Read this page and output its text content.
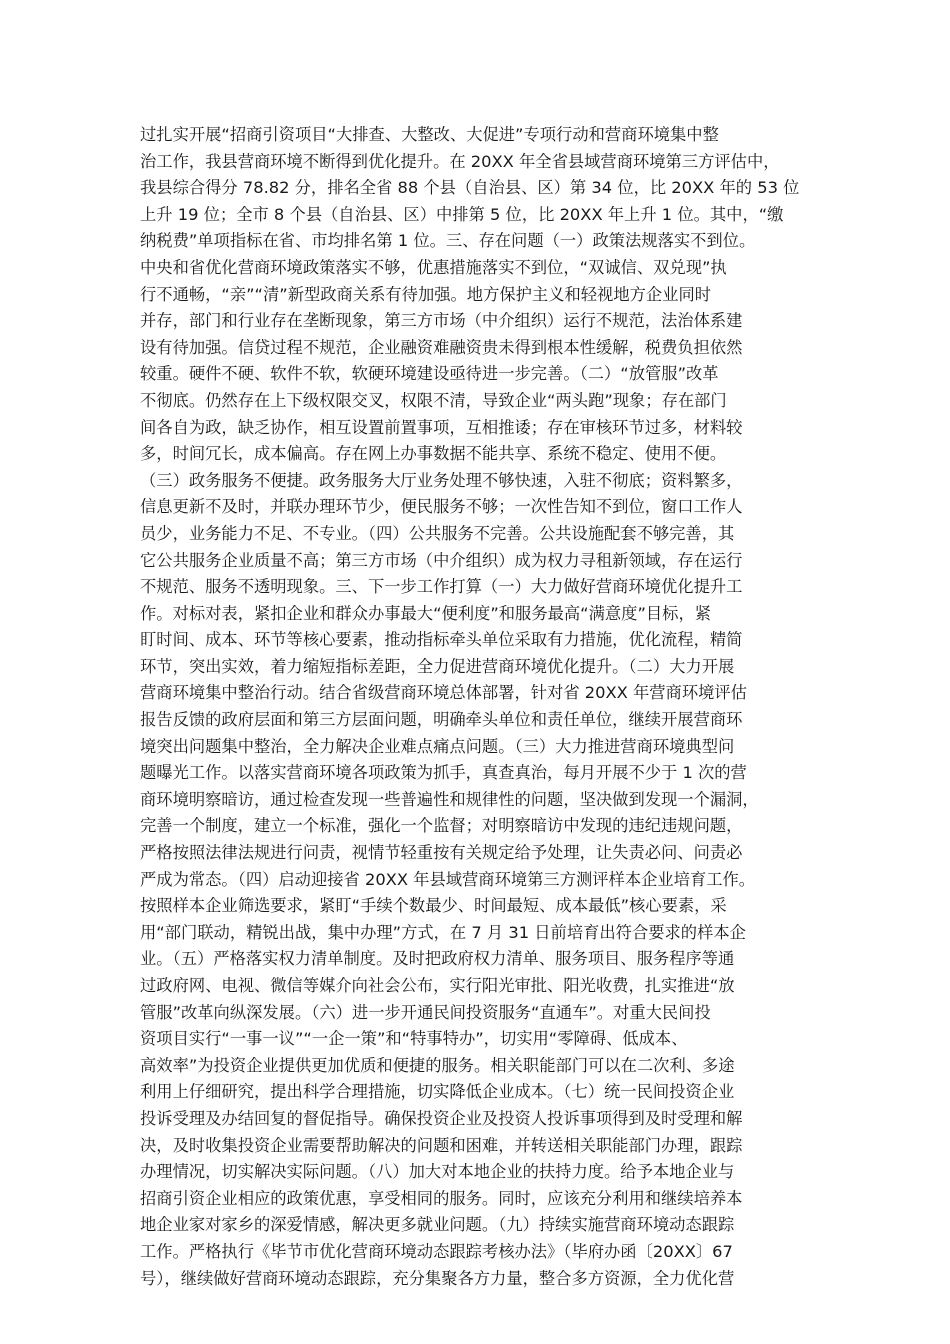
过扎实开展“招商引资项目“大排查、大整改、大促进”专项行动和营商环境集中整
治工作，我县营商环境不断得到优化提升。在 20XX 年全省县域营商环境第三方评估中，
我县综合得分 78.82 分，排名全省 88 个县（自治县、区）第 34 位，比 20XX 年的 53 位
上升 19 位；全市 8 个县（自治县、区）中排第 5 位，比 20XX 年上升 1 位。其中，“缴
纳税费”单项指标在省、市均排名第 1 位。三、存在问题（一）政策法规落实不到位。
中央和省优化营商环境政策落实不够，优惠措施落实不到位，“双诚信、双兑现”执
行不通畅，“亲”“清”新型政商关系有待加强。地方保护主义和轻视地方企业同时
并存，部门和行业存在垄断现象，第三方市场（中介组织）运行不规范，法治体系建
设有待加强。信贷过程不规范，企业融资难融资贵未得到根本性缓解，税费负担依然
较重。硬件不硬、软件不软，软硬环境建设亟待进一步完善。（二）“放管服”改革
不彻底。仍然存在上下级权限交叉，权限不清，导致企业“两头跑”现象；存在部门
间各自为政，缺乏协作，相互设置前置事项，互相推诿；存在审核环节过多，材料较
多，时间冗长，成本偏高。存在网上办事数据不能共享、系统不稳定、使用不便。
（三）政务服务不便捷。政务服务大厅业务处理不够快速，入驻不彻底；资料繁多，
信息更新不及时，并联办理环节少，便民服务不够；一次性告知不到位，窗口工作人
员少，业务能力不足、不专业。（四）公共服务不完善。公共设施配套不够完善，其
它公共服务企业质量不高；第三方市场（中介组织）成为权力寻租新领域，存在运行
不规范、服务不透明现象。三、下一步工作打算（一）大力做好营商环境优化提升工
作。对标对表，紧扣企业和群众办事最大“便利度”和服务最高“满意度”目标，紧
盯时间、成本、环节等核心要素，推动指标牵头单位采取有力措施，优化流程，精简
环节，突出实效，着力缩短指标差距，全力促进营商环境优化提升。（二）大力开展
营商环境集中整治行动。结合省级营商环境总体部署，针对省 20XX 年营商环境评估
报告反馈的政府层面和第三方层面问题，明确牵头单位和责任单位，继续开展营商环
境突出问题集中整治，全力解决企业难点痛点问题。（三）大力推进营商环境典型问
题曝光工作。以落实营商环境各项政策为抓手，真查真治，每月开展不少于 1 次的营
商环境明察暗访，通过检查发现一些普遍性和规律性的问题，坚决做到发现一个漏洞，
完善一个制度，建立一个标准，强化一个监督；对明察暗访中发现的违纪违规问题，
严格按照法律法规进行问责，视情节轻重按有关规定给予处理，让失责必问、问责必
严成为常态。（四）启动迎接省 20XX 年县域营商环境第三方测评样本企业培育工作。
按照样本企业筛选要求，紧盯“手续个数最少、时间最短、成本最低”核心要素，采
用“部门联动，精锐出战，集中办理”方式，在 7 月 31 日前培育出符合要求的样本企
业。（五）严格落实权力清单制度。及时把政府权力清单、服务项目、服务程序等通
过政府网、电视、微信等媒介向社会公布，实行阳光审批、阳光收费，扎实推进“放
管服”改革向纵深发展。（六）进一步开通民间投资服务“直通车”。对重大民间投
资项目实行“一事一议”“一企一策”和“特事特办”，切实用“零障碍、低成本、
高效率”为投资企业提供更加优质和便捷的服务。相关职能部门可以在二次利、多途
利用上仔细研究，提出科学合理措施，切实降低企业成本。（七）统一民间投资企业
投诉受理及办结回复的督促指导。确保投资企业及投资人投诉事项得到及时受理和解
决，及时收集投资企业需要帮助解决的问题和困难，并转送相关职能部门办理，跟踪
办理情况，切实解决实际问题。（八）加大对本地企业的扶持力度。给予本地企业与
招商引资企业相应的政策优惠，享受相同的服务。同时，应该充分利用和继续培养本
地企业家对家乡的深爱情感，解决更多就业问题。（九）持续实施营商环境动态跟踪
工作。严格执行《毕节市优化营商环境动态跟踪考核办法》（毕府办函〔20XX〕67
号），继续做好营商环境动态跟踪，充分集聚各方力量，整合多方资源，全力优化营
